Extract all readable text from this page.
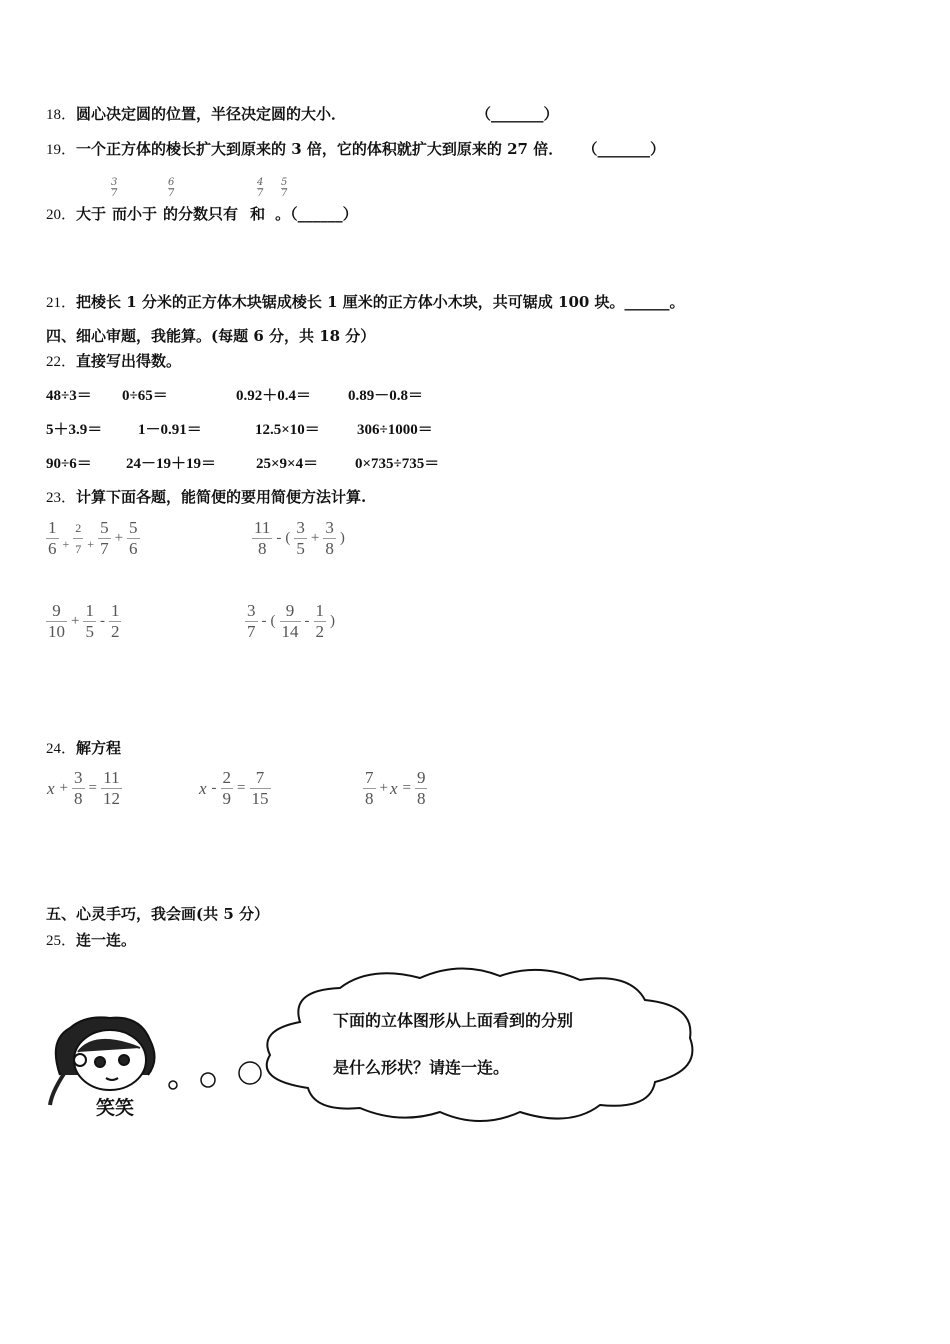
18．圆心决定圆的位置，半径决定圆的大小．	（_______）
19．一个正方体的棱长扩大到原来的 3 倍，它的体积就扩大到原来的 27 倍． （_______）
$\frac{3}{7}$	$\frac{6}{7}$	$\frac{4}{7} \frac{5}{7}$
20．大于 而小于 的分数只有 和 。（______）
21．把棱长 1 分米的正方体木块锯成棱长 1 厘米的正方体小木块，共可锯成 100 块。______。
四、细心审题，我能算。(每题 6 分，共 18 分）
22．直接写出得数。
48÷3＝ 0÷65＝	0.92＋0.4＝ 0.89－0.8＝
5＋3.9＝ 1－0.91＝	12.5×10＝ 306÷1000＝
90÷6＝ 24－19＋19＝	25×9×4＝ 0×735÷735＝
23．计算下面各题，能简便的要用简便方法计算.
$\frac{1}{6} + \frac{2}{7} + \frac{5}{7} + \frac{5}{6}$	$\frac{11}{8}$ - ( $\frac{3}{5} + \frac{3}{8}$ )
$\frac{9}{10} + \frac{1}{5} - \frac{1}{2}$	$\frac{3}{7}$ - ( $\frac{9}{14} - \frac{1}{2}$ )
24．解方程
$x + \frac{3}{8} = \frac{11}{12}$	$x - \frac{2}{9} = \frac{7}{15}$	$\frac{7}{8} + x = \frac{9}{8}$
五、心灵手巧，我会画(共 5 分）
25．连一连。
笑笑
下面的立体图形从上面看到的分别
是什么形状？请连一连。
